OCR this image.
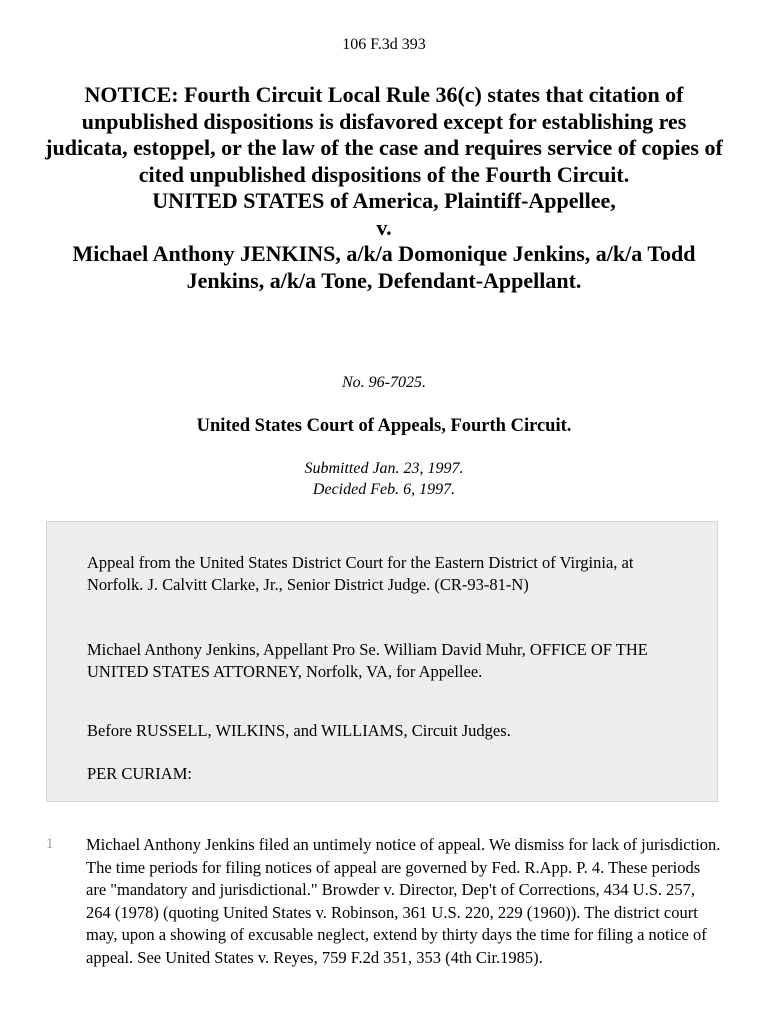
106 F.3d 393
NOTICE: Fourth Circuit Local Rule 36(c) states that citation of unpublished dispositions is disfavored except for establishing res judicata, estoppel, or the law of the case and requires service of copies of cited unpublished dispositions of the Fourth Circuit.
UNITED STATES of America, Plaintiff-Appellee,
v.
Michael Anthony JENKINS, a/k/a Domonique Jenkins, a/k/a Todd
Jenkins, a/k/a Tone, Defendant-Appellant.
No. 96-7025.
United States Court of Appeals, Fourth Circuit.
Submitted Jan. 23, 1997.
Decided Feb. 6, 1997.

Appeal from the United States District Court for the Eastern District of Virginia, at Norfolk. J. Calvitt Clarke, Jr., Senior District Judge. (CR-93-81-N)

Michael Anthony Jenkins, Appellant Pro Se. William David Muhr, OFFICE OF THE UNITED STATES ATTORNEY, Norfolk, VA, for Appellee.

Before RUSSELL, WILKINS, and WILLIAMS, Circuit Judges.

PER CURIAM:

1	Michael Anthony Jenkins filed an untimely notice of appeal. We dismiss for lack of jurisdiction. The time periods for filing notices of appeal are governed by Fed. R.App. P. 4. These periods are "mandatory and jurisdictional." Browder v. Director, Dep't of Corrections, 434 U.S. 257, 264 (1978) (quoting United States v. Robinson, 361 U.S. 220, 229 (1960)). The district court may, upon a showing of excusable neglect, extend by thirty days the time for filing a notice of appeal. See United States v. Reyes, 759 F.2d 351, 353 (4th Cir.1985).
